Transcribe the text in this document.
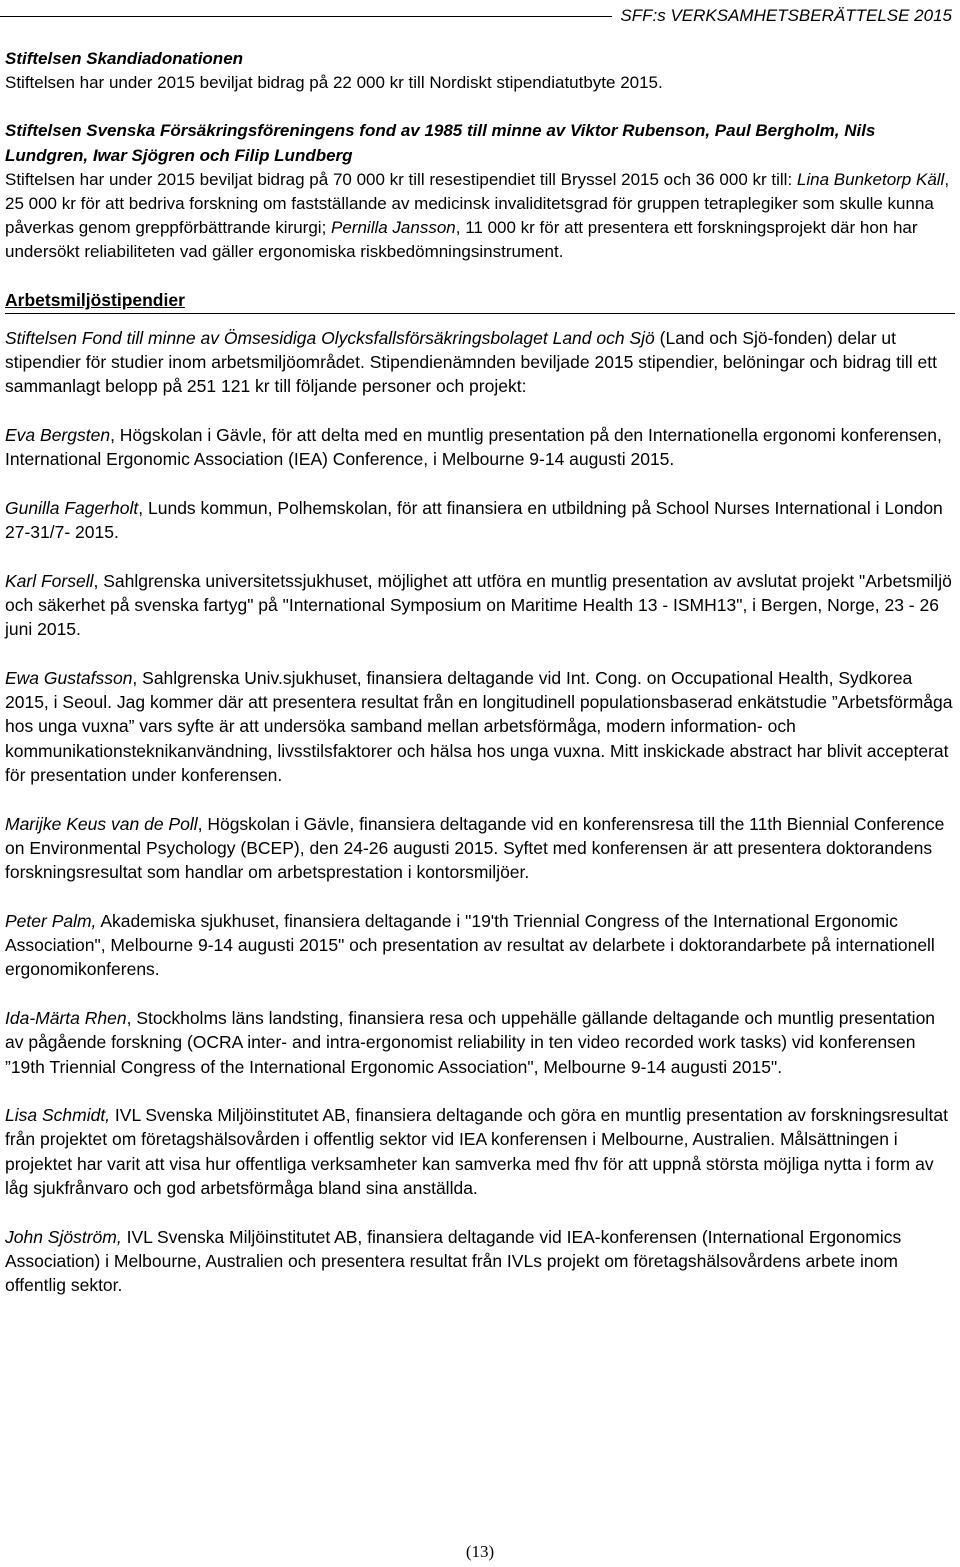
SFF:s VERKSAMHETSBERÄTTELSE 2015

Stiftelsen Skandiadonationen

Stiftelsen har under 2015 beviljat bidrag på 22 000 kr till Nordiskt stipendiatutbyte 2015.

Stiftelsen Svenska Försäkringsföreningens fond av 1985 till minne av Viktor Rubenson, Paul Bergholm, Nils Lundgren, Iwar Sjögren och Filip Lundberg

Stiftelsen har under 2015 beviljat bidrag på 70 000 kr till resestipendiet till Bryssel 2015 och 36 000 kr till: Lina Bunketorp Käll, 25 000 kr för att bedriva forskning om fastställande av medicinsk invaliditetsgrad för gruppen tetraplegiker som skulle kunna påverkas genom greppförbättrande kirurgi; Pernilla Jansson, 11 000 kr för att presentera ett forskningsprojekt där hon har undersökt reliabiliteten vad gäller ergonomiska riskbedömningsinstrument.

Arbetsmiljöstipendier

Stiftelsen Fond till minne av Ömsesidiga Olycksfallsförsäkringsbolaget Land och Sjö (Land och Sjö-fonden) delar ut stipendier för studier inom arbetsmiljöområdet. Stipendienämnden beviljade 2015 stipendier, belöningar och bidrag till ett sammanlagt belopp på 251 121 kr till följande personer och projekt:

Eva Bergsten, Högskolan i Gävle, för att delta med en muntlig presentation på den Internationella ergonomi konferensen, International Ergonomic Association (IEA) Conference, i Melbourne 9-14 augusti 2015.

Gunilla Fagerholt, Lunds kommun, Polhemskolan, för att finansiera en utbildning på School Nurses International i London 27-31/7- 2015.

Karl Forsell, Sahlgrenska universitetssjukhuset, möjlighet att utföra en muntlig presentation av avslutat projekt "Arbetsmiljö och säkerhet på svenska fartyg" på "International Symposium on Maritime Health 13 - ISMH13", i Bergen, Norge, 23 - 26 juni 2015.

Ewa Gustafsson, Sahlgrenska Univ.sjukhuset, finansiera deltagande vid Int. Cong. on Occupational Health, Sydkorea 2015, i Seoul. Jag kommer där att presentera resultat från en longitudinell populationsbaserad enkätstudie ”Arbetsförmåga hos unga vuxna” vars syfte är att undersöka samband mellan arbetsförmåga, modern information- och kommunikationsteknikanvändning, livsstilsfaktorer och hälsa hos unga vuxna. Mitt inskickade abstract har blivit accepterat för presentation under konferensen.

Marijke Keus van de Poll, Högskolan i Gävle, finansiera deltagande vid en konferensresa till the 11th Biennial Conference on Environmental Psychology (BCEP), den 24-26 augusti 2015. Syftet med konferensen är att presentera doktorandens forskningsresultat som handlar om arbetsprestation i kontorsmiljöer.

Peter Palm, Akademiska sjukhuset, finansiera deltagande i "19'th Triennial Congress of the International Ergonomic Association", Melbourne 9-14 augusti 2015" och presentation av resultat av delarbete i doktorandarbete på internationell ergonomikonferens.

Ida-Märta Rhen, Stockholms läns landsting, finansiera resa och uppehälle gällande deltagande och muntlig presentation av pågående forskning (OCRA inter- and intra-ergonomist reliability in ten video recorded work tasks) vid konferensen ”19th Triennial Congress of the International Ergonomic Association", Melbourne 9-14 augusti 2015".

Lisa Schmidt, IVL Svenska Miljöinstitutet AB, finansiera deltagande och göra en muntlig presentation av forskningsresultat från projektet om företagshälsovården i offentlig sektor vid IEA konferensen i Melbourne, Australien. Målsättningen i projektet har varit att visa hur offentliga verksamheter kan samverka med fhv för att uppnå största möjliga nytta i form av låg sjukfrånvaro och god arbetsförmåga bland sina anställda.

John Sjöström, IVL Svenska Miljöinstitutet AB, finansiera deltagande vid IEA-konferensen (International Ergonomics Association) i Melbourne, Australien och presentera resultat från IVLs projekt om företagshälsovårdens arbete inom offentlig sektor.

(13)
